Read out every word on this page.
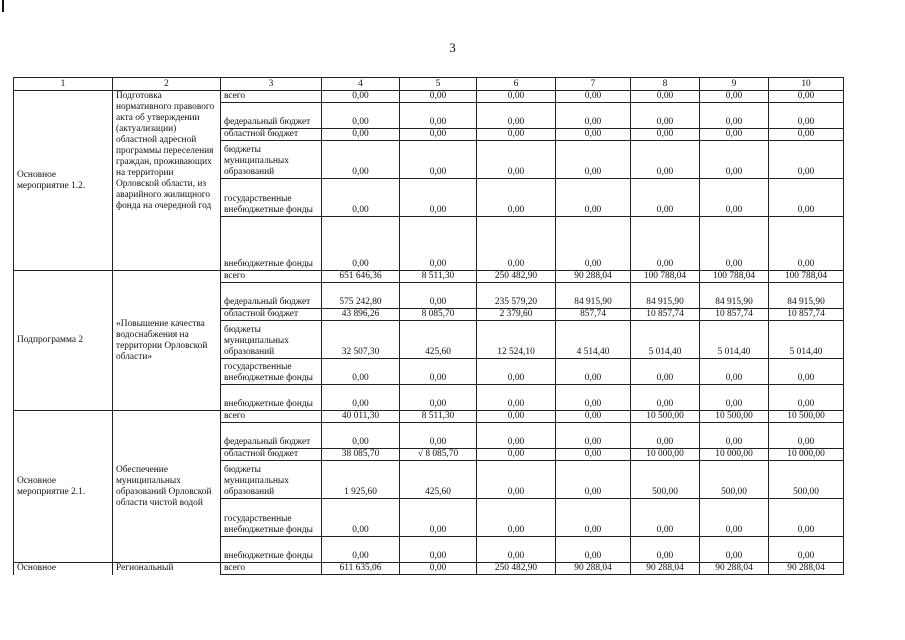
3
1	2	3	4	5	6	7	8	9	10
Основное мероприятие 1.2.	Подготовка нормативного правового акта об утверждении (актуализации) областной адресной программы переселения граждан, проживающих на территории Орловской области, из аварийного жилищного фонда на очередной год	всего	0,00	0,00	0,00	0,00	0,00	0,00	0,00
		федеральный бюджет	0,00	0,00	0,00	0,00	0,00	0,00	0,00
		областной бюджет	0,00	0,00	0,00	0,00	0,00	0,00	0,00
		бюджеты муниципальных образований	0,00	0,00	0,00	0,00	0,00	0,00	0,00
		государственные внебюджетные фонды	0,00	0,00	0,00	0,00	0,00	0,00	0,00
		внебюджетные фонды	0,00	0,00	0,00	0,00	0,00	0,00	0,00
Подпрограмма 2	«Повышение качества водоснабжения на территории Орловской области»	всего	651 646,36	8 511,30	250 482,90	90 288,04	100 788,04	100 788,04	100 788,04
		федеральный бюджет	575 242,80	0,00	235 579,20	84 915,90	84 915,90	84 915,90	84 915,90
		областной бюджет	43 896,26	8 085,70	2 379,60	857,74	10 857,74	10 857,74	10 857,74
		бюджеты муниципальных образований	32 507,30	425,60	12 524,10	4 514,40	5 014,40	5 014,40	5 014,40
		государственные внебюджетные фонды	0,00	0,00	0,00	0,00	0,00	0,00	0,00
		внебюджетные фонды	0,00	0,00	0,00	0,00	0,00	0,00	0,00
Основное мероприятие 2.1.	Обеспечение муниципальных образований Орловской области чистой водой	всего	40 011,30	8 511,30	0,00	0,00	10 500,00	10 500,00	10 500,00
		федеральный бюджет	0,00	0,00	0,00	0,00	0,00	0,00	0,00
		областной бюджет	38 085,70	√ 8 085,70	0,00	0,00	10 000,00	10 000,00	10 000,00
		бюджеты муниципальных образований	1 925,60	425,60	0,00	0,00	500,00	500,00	500,00
		государственные внебюджетные фонды	0,00	0,00	0,00	0,00	0,00	0,00	0,00
		внебюджетные фонды	0,00	0,00	0,00	0,00	0,00	0,00	0,00
Основное	Региональный	всего	611 635,06	0,00	250 482,90	90 288,04	90 288,04	90 288,04	90 288,04
